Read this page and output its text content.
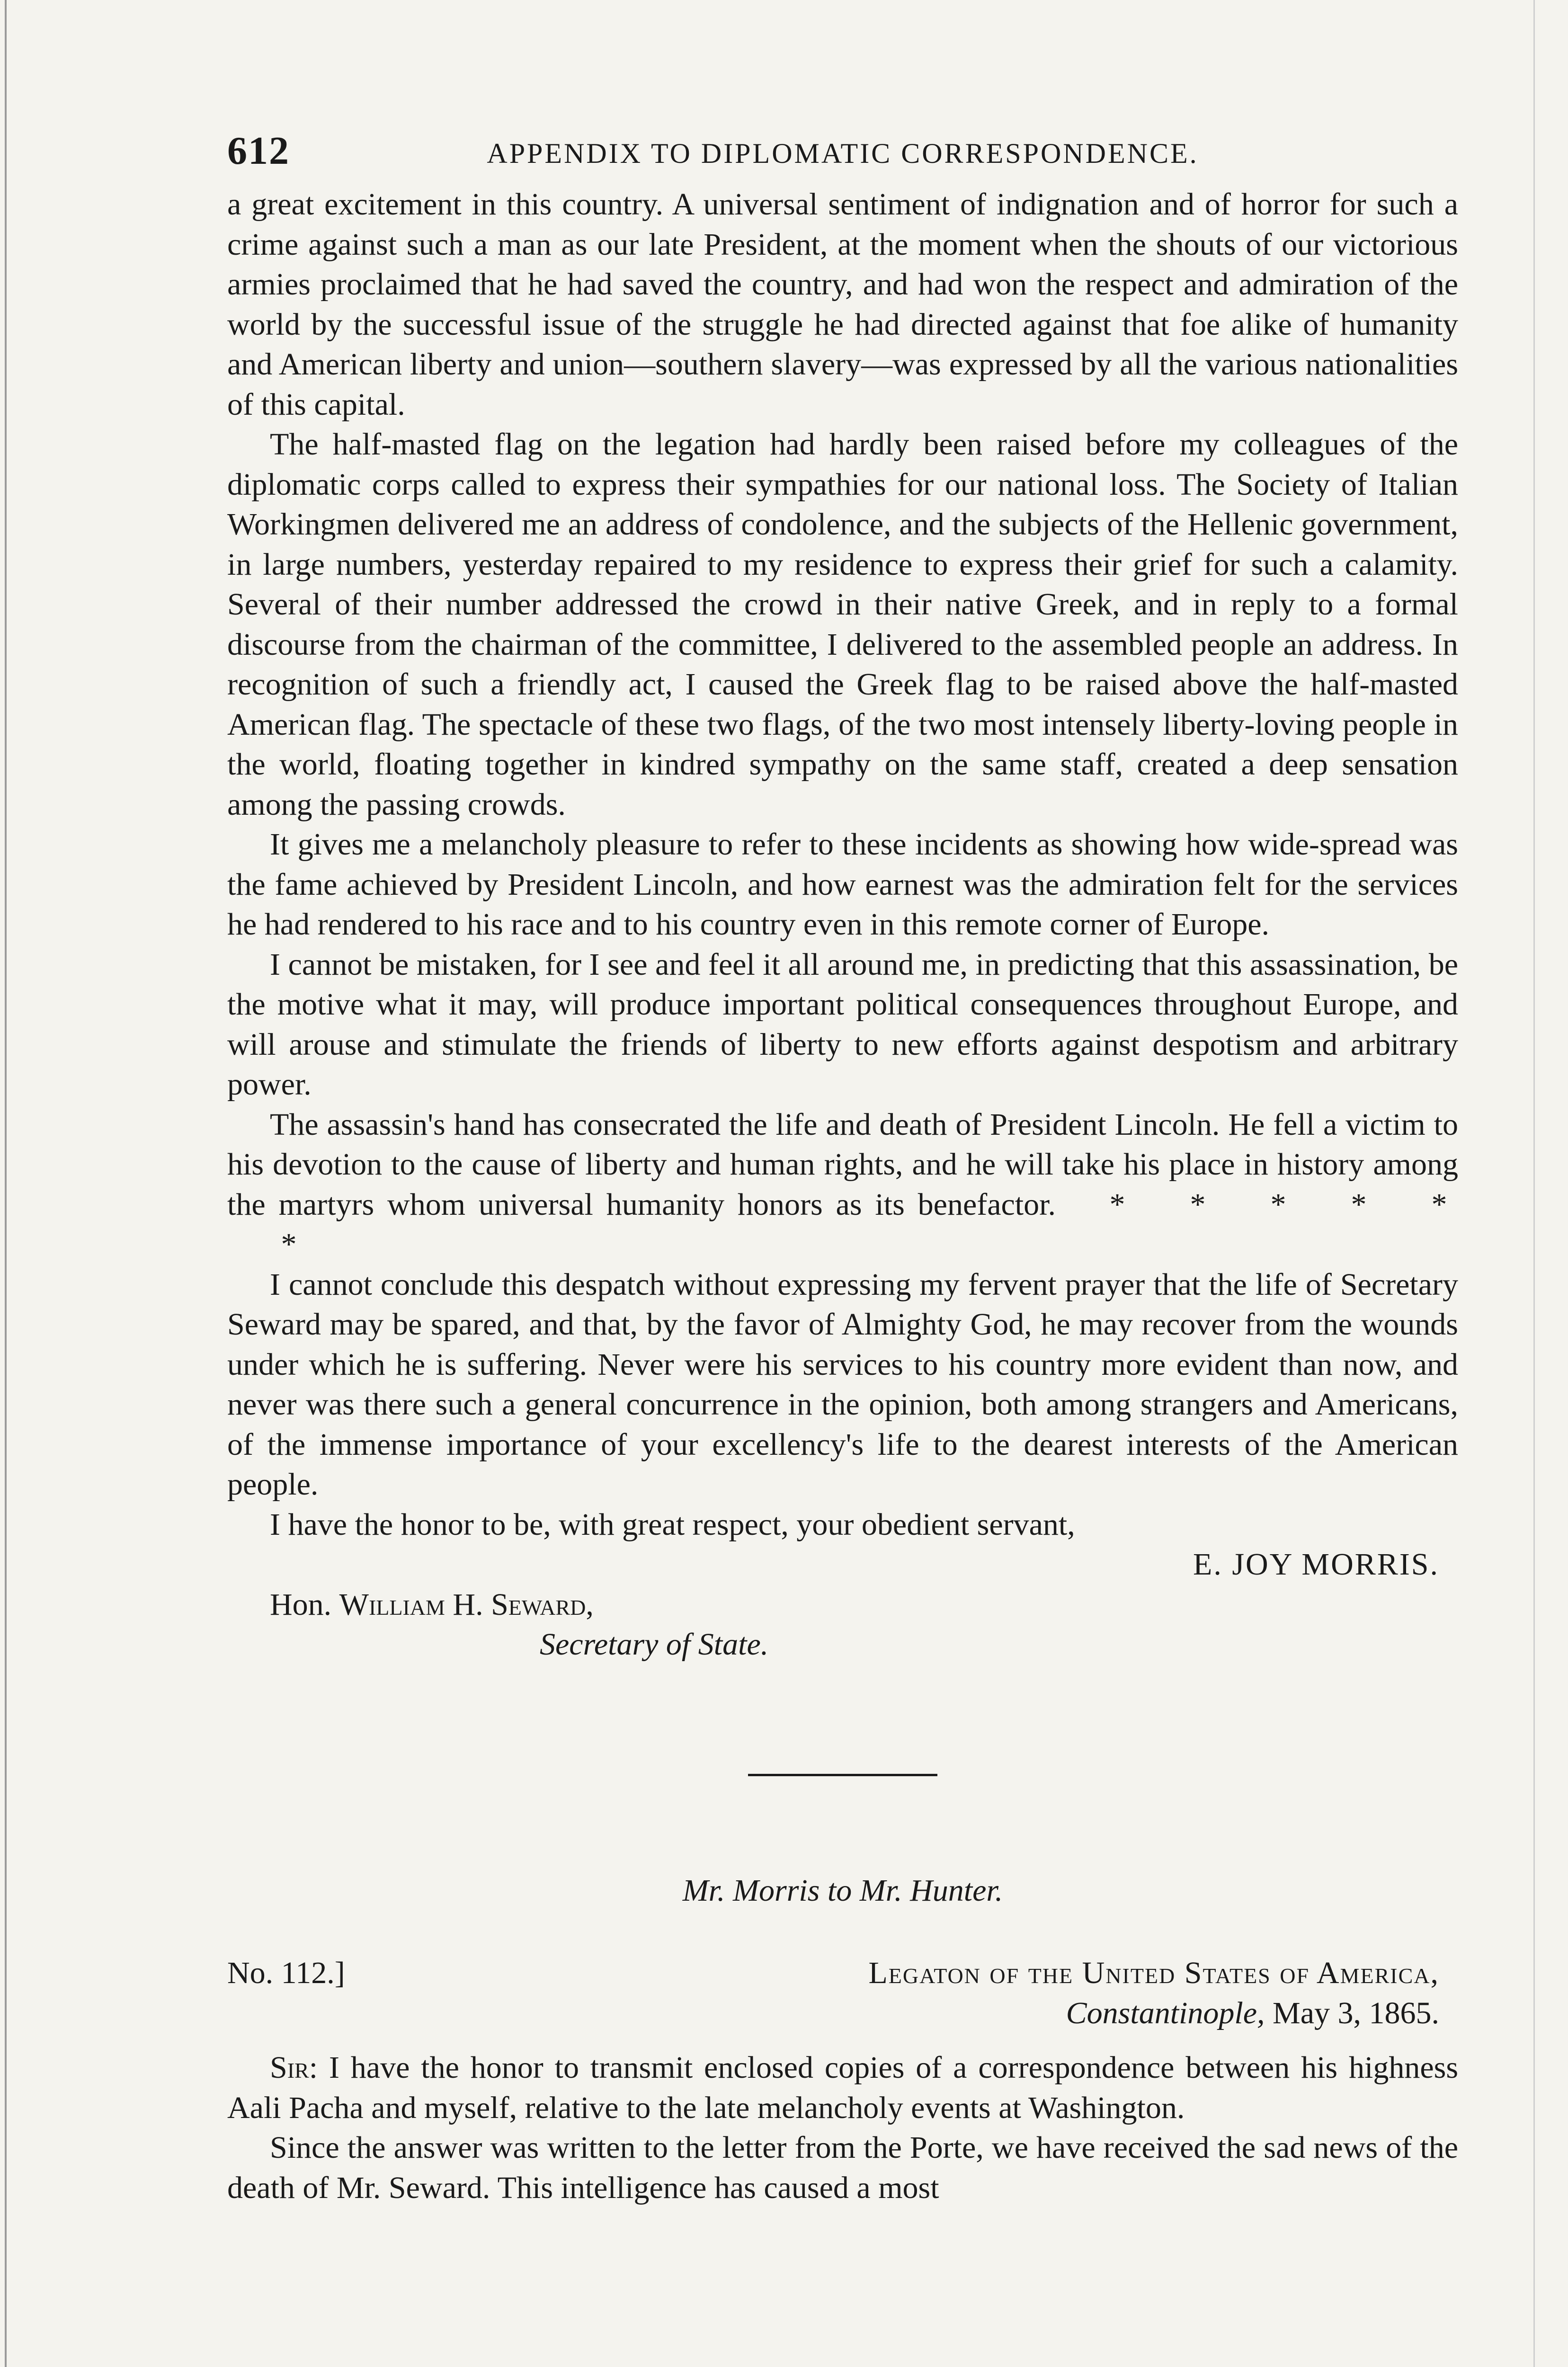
612	APPENDIX TO DIPLOMATIC CORRESPONDENCE.

a great excitement in this country. A universal sentiment of indignation and of horror for such a crime against such a man as our late President, at the moment when the shouts of our victorious armies proclaimed that he had saved the country, and had won the respect and admiration of the world by the successful issue of the struggle he had directed against that foe alike of humanity and American liberty and union—southern slavery—was expressed by all the various nationalities of this capital.

The half-masted flag on the legation had hardly been raised before my colleagues of the diplomatic corps called to express their sympathies for our national loss. The Society of Italian Workingmen delivered me an address of condolence, and the subjects of the Hellenic government, in large numbers, yesterday repaired to my residence to express their grief for such a calamity. Several of their number addressed the crowd in their native Greek, and in reply to a formal discourse from the chairman of the committee, I delivered to the assembled people an address. In recognition of such a friendly act, I caused the Greek flag to be raised above the half-masted American flag. The spectacle of these two flags, of the two most intensely liberty-loving people in the world, floating together in kindred sympathy on the same staff, created a deep sensation among the passing crowds.

It gives me a melancholy pleasure to refer to these incidents as showing how wide-spread was the fame achieved by President Lincoln, and how earnest was the admiration felt for the services he had rendered to his race and to his country even in this remote corner of Europe.

I cannot be mistaken, for I see and feel it all around me, in predicting that this assassination, be the motive what it may, will produce important political consequences throughout Europe, and will arouse and stimulate the friends of liberty to new efforts against despotism and arbitrary power.

The assassin's hand has consecrated the life and death of President Lincoln. He fell a victim to his devotion to the cause of liberty and human rights, and he will take his place in history among the martyrs whom universal humanity honors as its benefactor. * * * * **

I cannot conclude this despatch without expressing my fervent prayer that the life of Secretary Seward may be spared, and that, by the favor of Almighty God, he may recover from the wounds under which he is suffering. Never were his services to his country more evident than now, and never was there such a general concurrence in the opinion, both among strangers and Americans, of the immense importance of your excellency's life to the dearest interests of the American people.

I have the honor to be, with great respect, your obedient servant,

E. JOY MORRIS.

Hon. William H. Seward,

Secretary of State.

Mr. Morris to Mr. Hunter.

No. 112.]	Legaton of the United States of America,
Constantinople, May 3, 1865.

Sir: I have the honor to transmit enclosed copies of a correspondence between his highness Aali Pacha and myself, relative to the late melancholy events at Washington.

Since the answer was written to the letter from the Porte, we have received the sad news of the death of Mr. Seward. This intelligence has caused a most
